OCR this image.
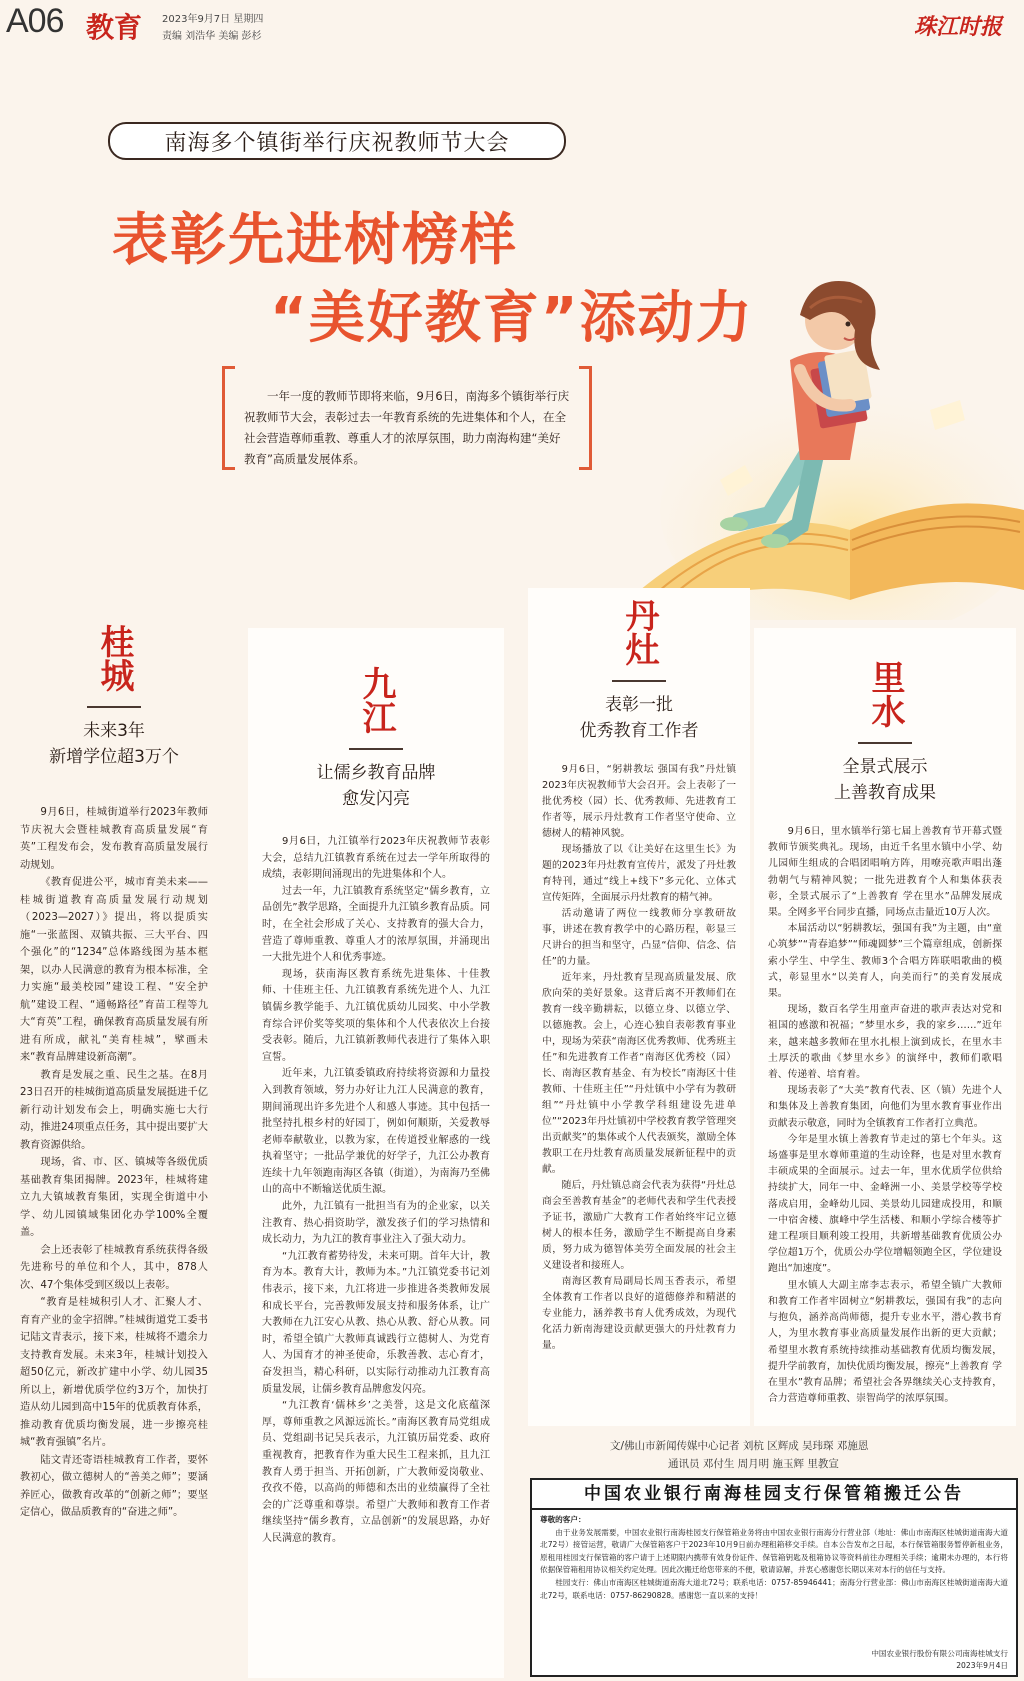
A06 教育 2023年9月7日 星期四
责编 刘浩华 美编 彭杉	珠江时报
南海多个镇街举行庆祝教师节大会
表彰先进树榜样
“美好教育”添动力
一年一度的教师节即将来临，9月6日，南海多个镇街举行庆祝教师节大会，表彰过去一年教育系统的先进集体和个人，在全社会营造尊师重教、尊重人才的浓厚氛围，助力南海构建“美好教育”高质量发展体系。
桂城
未来3年
新增学位超3万个

9月6日，桂城街道举行2023年教师节庆祝大会暨桂城教育高质量发展“育英”工程发布会，发布教育高质量发展行动规划。

《教育促进公平，城市育美未来——桂城街道教育高质量发展行动规划（2023—2027）》提出，将以提质实施“一张蓝图、双镇共振、三大平台、四个强化”的“1234”总体路线图为基本框架，以办人民满意的教育为根本标准，全力实施“最美校园”建设工程、“安全护航”建设工程、“通畅路径”育苗工程等九大“育英”工程，确保教育高质量发展有所进有所成，献礼“美育桂城”，擘画未来“教育品牌建设新高潮”。

教育是发展之重、民生之基。在8月23日召开的桂城街道高质量发展挺进千亿新行动计划发布会上，明确实施七大行动，推进24项重点任务，其中提出要扩大教育资源供给。

现场，省、市、区、镇城等各级优质基础教育集团揭牌。2023年，桂城将建立九大镇域教育集团，实现全街道中小学、幼儿园镇域集团化办学100%全覆盖。

会上还表彰了桂城教育系统获得各级先进称号的单位和个人，其中，878人次、47个集体受到区级以上表彰。

“教育是桂城积引人才、汇聚人才、育育产业的金字招牌。”桂城街道党工委书记陆文青表示，接下来，桂城将不遗余力支持教育发展。未来3年，桂城计划投入超50亿元，新改扩建中小学、幼儿园35所以上，新增优质学位约3万个，加快打造从幼儿园到高中15年的优质教育体系，推动教育优质均衡发展，进一步擦亮桂城“教育强镇”名片。

陆文青还寄语桂城教育工作者，要怀教初心，做立德树人的“善美之师”；要涵养匠心，做教育改革的“创新之师”；要坚定信心，做品质教育的“奋进之师”。

九江
让儒乡教育品牌
愈发闪亮

9月6日，九江镇举行2023年庆祝教师节表彰大会，总结九江镇教育系统在过去一学年所取得的成绩，表彰期间涌现出的先进集体和个人。

过去一年，九江镇教育系统坚定“儒乡教育，立品创先”教学思路，全面提升九江镇乡教育品质。同时，在全社会形成了关心、支持教育的强大合力，营造了尊师重教、尊重人才的浓厚氛围，并涌现出一大批先进个人和优秀事迹。

现场，获南海区教育系统先进集体、十佳教师、十佳班主任、九江镇教育系统先进个人、九江镇儒乡教学能手、九江镇优质幼儿园奖、中小学教育综合评价奖等奖项的集体和个人代表依次上台接受表彰。随后，九江镇新教师代表进行了集体入职宣誓。

近年来，九江镇委镇政府持续将资源和力量投入到教育领域，努力办好让九江人民满意的教育，期间涌现出许多先进个人和感人事迹。其中包括一批坚持扎根乡村的好园丁，例如何顺斯，关爱教辱老师奉献敬业，以教为家，在传道授业解惑的一线执着坚守；一批品学兼优的好学子，九江公办教育连续十九年领跑南海区各镇（街道），为南海乃至佛山的高中不断输送优质生源。

此外，九江镇有一批担当有为的企业家，以关注教育、热心捐资助学，激发孩子们的学习热情和成长动力，为九江的教育事业注入了强大动力。

“九江教育蓄势待发，未来可期。首年大计，教育为本。教育大计，教师为本。”九江镇党委书记刘伟表示，接下来，九江将进一步推进各类教师发展和成长平台，完善教师发展支持和服务体系，让广大教师在九江安心从教、热心从教、舒心从教。同时，希望全镇广大教师真诚践行立德树人、为党育人、为国育才的神圣使命，乐教善教、志心育才，奋发担当，精心科研，以实际行动推动九江教育高质量发展，让儒乡教育品牌愈发闪亮。

“九江教育‘儒林乡’之美誉，这是文化底蕴深厚，尊师重教之风源远流长。”南海区教育局党组成员、党组副书记吴兵表示，九江镇历届党委、政府重视教育，把教育作为重大民生工程来抓，且九江教育人勇于担当、开拓创新，广大教师爱岗敬业、孜孜不倦，以高尚的师德和杰出的业绩赢得了全社会的广泛尊重和尊崇。希望广大教师和教育工作者继续坚持“儒乡教育，立品创新”的发展思路，办好人民满意的教育。

丹灶
表彰一批
优秀教育工作者

9月6日，“躬耕教坛 强国有我”丹灶镇2023年庆祝教师节大会召开。会上表彰了一批优秀校（园）长、优秀教师、先进教育工作者等，展示丹灶教育工作者坚守使命、立德树人的精神风貌。

现场播放了以《让美好在这里生长》为题的2023年丹灶教育宣传片，派发了丹灶教育特刊，通过“线上+线下”多元化、立体式宣传矩阵，全面展示丹灶教育的精气神。

活动邀请了两位一线教师分享教研故事，讲述在教育教学中的心路历程，彰显三尺讲台的担当和坚守，凸显“信仰、信念、信任”的力量。

近年来，丹灶教育呈现高质量发展、欣欣向荣的美好景象。这背后离不开教师们在教育一线辛勤耕耘，以德立身、以德立学、以德施教。会上，心连心独自表彰教育事业中，现场为荣获“南海区优秀教师、优秀班主任”和先进教育工作者“南海区优秀校（园）长、南海区教育基金、有为校长”南海区十佳教师、十佳班主任”“丹灶镇中小学有为教研组”“丹灶镇中小学教学科组建设先进单位”“2023年丹灶镇初中学校教育教学管理突出贡献奖”的集体或个人代表颁奖，激励全体教职工在丹灶教育高质量发展新征程中的贡献。

随后，丹灶镇总商会代表为获得“丹灶总商会至善教育基金”的老师代表和学生代表授予证书，激励广大教育工作者始终牢记立德树人的根本任务，激励学生不断提高自身素质，努力成为德智体美劳全面发展的社会主义建设者和接班人。

南海区教育局副局长周玉香表示，希望全体教育工作者以良好的道德修养和精湛的专业能力，涵养教书育人优秀成效，为现代化活力新南海建设贡献更强大的丹灶教育力量。

里水
全景式展示
上善教育成果

9月6日，里水镇举行第七届上善教育节开幕式暨教师节颁奖典礼。现场，由近千名里水镇中小学、幼儿园师生组成的合唱团唱响方阵，用嘹亮歌声唱出蓬勃朝气与精神风貌；一批先进教育个人和集体获表彰，全景式展示了“上善教育 学在里水”品牌发展成果。全网多平台同步直播，同场点击量近10万人次。

本届活动以“躬耕教坛，强国有我”为主题，由“童心筑梦”“青春追梦”“师魂圆梦”三个篇章组成，创新探索小学生、中学生、教师3个合唱方阵联唱歌曲的模式，彰显里水“以美育人，向美而行”的美育发展成果。

现场，数百名学生用童声奋进的歌声表达对党和祖国的感激和祝福；“梦里水乡，我的家乡……”近年来，越来越多教师在里水扎根上演到成长，在里水丰土厚沃的歌曲《梦里水乡》的演绎中，教师们歌唱着、传递着、培育着。

现场表彰了“大美”教育代表、区（镇）先进个人和集体及上善教育集团，向他们为里水教育事业作出贡献表示敬意，同时为全镇教育工作者打立典范。

今年是里水镇上善教育节走过的第七个年头。这场盛事是里水尊师重道的生动诠释，也是对里水教育丰硕成果的全面展示。过去一年，里水优质学位供给持续扩大，同年一中、金峰洲一小、美景学校等学校落成启用，金峰幼儿园、美景幼儿园建成投用，和顺一中宿舍楼、旗峰中学生活楼、和顺小学综合楼等扩建工程项目顺利竣工投用，共新增基础教育优质公办学位超1万个，优质公办学位增幅领跑全区，学位建设跑出“加速度”。

里水镇人大副主席李志表示，希望全镇广大教师和教育工作者牢固树立“躬耕教坛，强国有我”的志向与抱负，涵养高尚师德，提升专业水平，潜心教书育人，为里水教育事业高质量发展作出新的更大贡献；希望里水教育系统持续推动基础教育优质均衡发展，提升学前教育，加快优质均衡发展，擦亮“上善教育 学在里水”教育品牌；希望社会各界继续关心支持教育，合力营造尊师重教、崇智尚学的浓厚氛围。

文/佛山市新闻传媒中心记者 刘杭 区辉成 吴玮琛 邓施恩
通讯员 邓付生 周月明 施玉辉 里教宣
中国农业银行南海桂园支行保管箱搬迁公告
尊敬的客户：

由于业务发展需要，中国农业银行南海桂园支行保管箱业务将由中国农业银行南海分行营业部（地址：佛山市南海区桂城街道南海大道北72号）接管运营，敬请广大保管箱客户于2023年10月9日前办理租箱移交手续。自本公告发布之日起，本行保管箱服务暂停新租业务，原租用桂园支行保管箱的客户请于上述期限内携带有效身份证件、保管箱钥匙及租箱协议等资料前往办理相关手续；逾期未办理的，本行将依据保管箱租用协议相关约定处理。因此次搬迁给您带来的不便，敬请谅解，并衷心感谢您长期以来对本行的信任与支持。

桂园支行：佛山市南海区桂城街道南海大道北72号；联系电话：0757-85946441；南海分行营业部：佛山市南海区桂城街道南海大道北72号，联系电话：0757-86290828。感谢您一直以来的支持！

中国农业银行股份有限公司南海桂城支行
2023年9月4日
